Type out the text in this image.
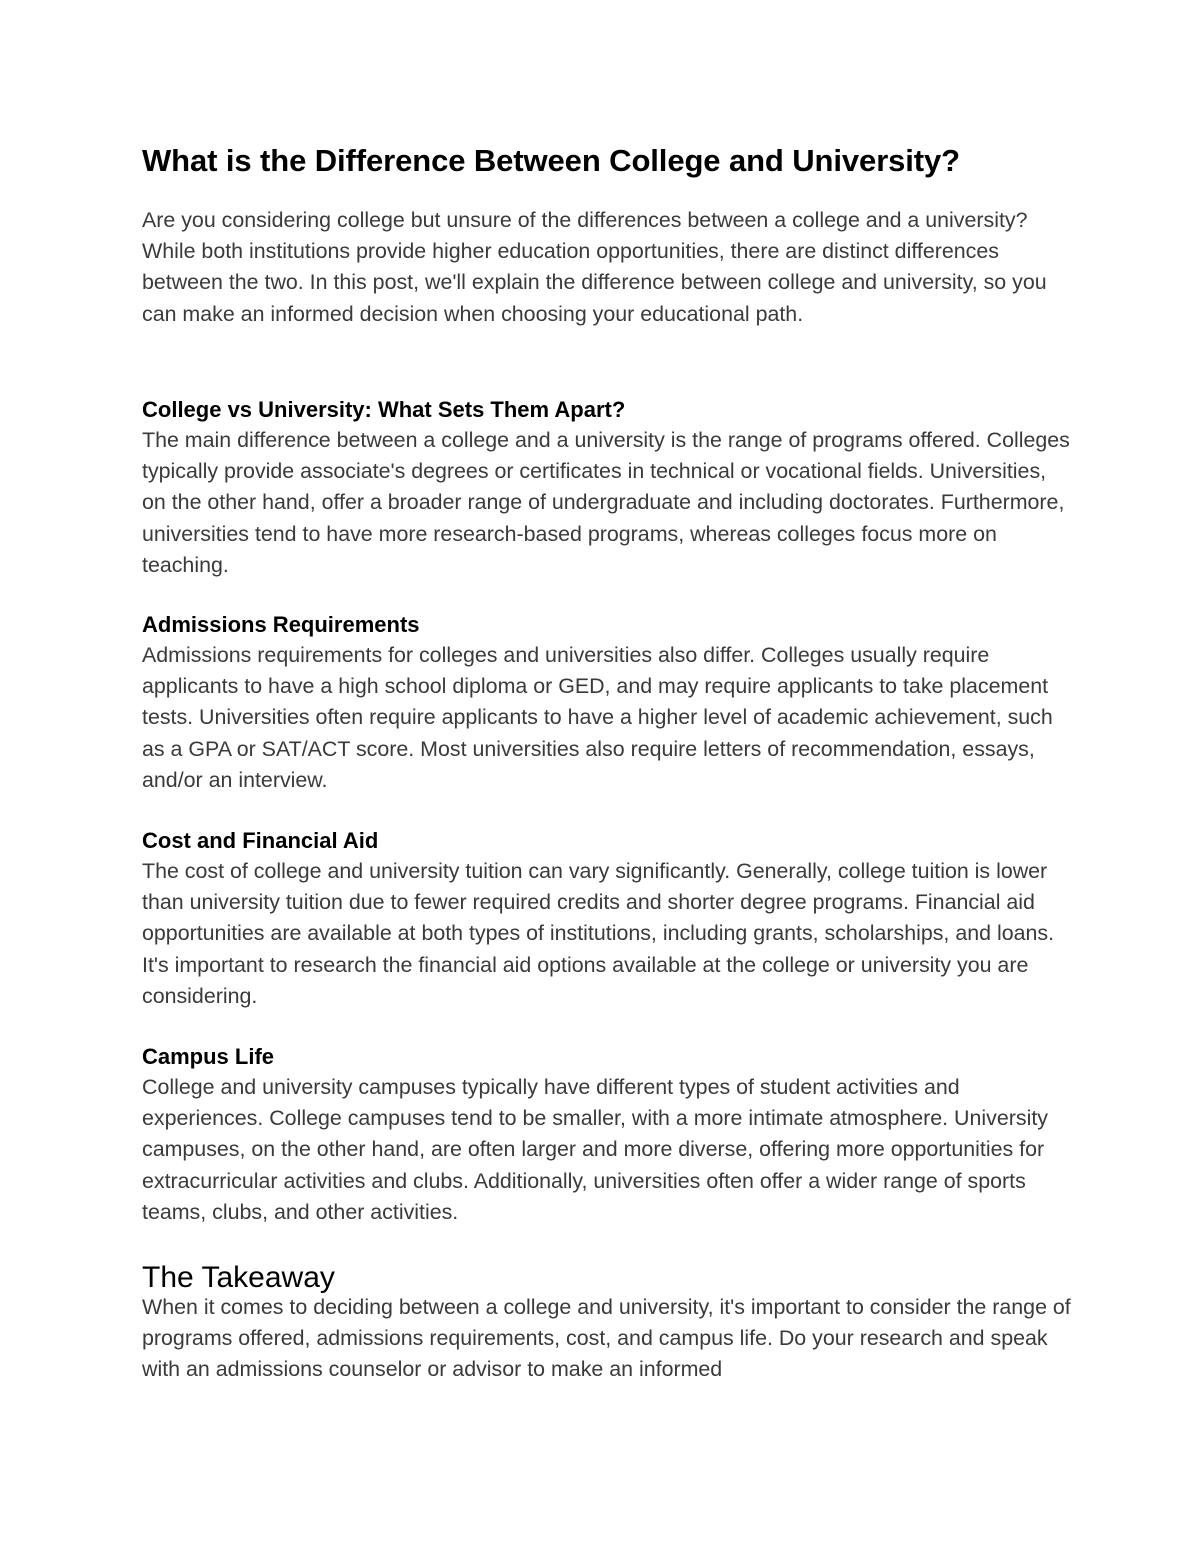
What is the Difference Between College and University?

Are you considering college but unsure of the differences between a college and a university? While both institutions provide higher education opportunities, there are distinct differences between the two. In this post, we'll explain the difference between college and university, so you can make an informed decision when choosing your educational path.

College vs University: What Sets Them Apart?

The main difference between a college and a university is the range of programs offered. Colleges typically provide associate's degrees or certificates in technical or vocational fields. Universities, on the other hand, offer a broader range of undergraduate and including doctorates. Furthermore, universities tend to have more research-based programs, whereas colleges focus more on teaching.

Admissions Requirements

Admissions requirements for colleges and universities also differ. Colleges usually require applicants to have a high school diploma or GED, and may require applicants to take placement tests. Universities often require applicants to have a higher level of academic achievement, such as a GPA or SAT/ACT score. Most universities also require letters of recommendation, essays, and/or an interview.

Cost and Financial Aid

The cost of college and university tuition can vary significantly. Generally, college tuition is lower than university tuition due to fewer required credits and shorter degree programs. Financial aid opportunities are available at both types of institutions, including grants, scholarships, and loans. It's important to research the financial aid options available at the college or university you are considering.

Campus Life

College and university campuses typically have different types of student activities and experiences. College campuses tend to be smaller, with a more intimate atmosphere. University campuses, on the other hand, are often larger and more diverse, offering more opportunities for extracurricular activities and clubs. Additionally, universities often offer a wider range of sports teams, clubs, and other activities.

The Takeaway

When it comes to deciding between a college and university, it's important to consider the range of programs offered, admissions requirements, cost, and campus life. Do your research and speak with an admissions counselor or advisor to make an informed
